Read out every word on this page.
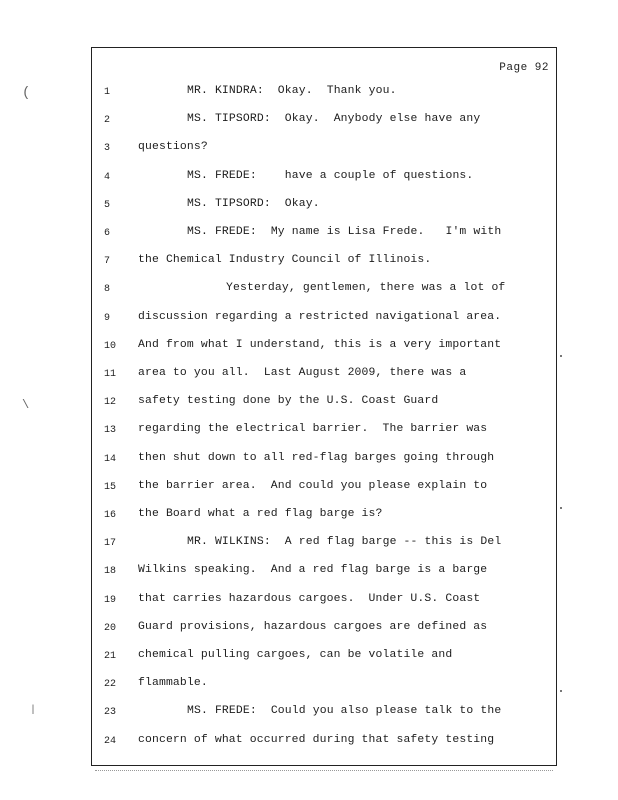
(
\
|
Page 92
1	MR. KINDRA:  Okay.  Thank you.
2	MS. TIPSORD:  Okay.  Anybody else have any
3	questions?
4	MS. FREDE:    have a couple of questions.
5	MS. TIPSORD:  Okay.
6	MS. FREDE:  My name is Lisa Frede.   I'm with
7	the Chemical Industry Council of Illinois.
8	Yesterday, gentlemen, there was a lot of
9	discussion regarding a restricted navigational area.
10	And from what I understand, this is a very important
11	area to you all.  Last August 2009, there was a
12	safety testing done by the U.S. Coast Guard
13	regarding the electrical barrier.  The barrier was
14	then shut down to all red-flag barges going through
15	the barrier area.  And could you please explain to
16	the Board what a red flag barge is?
17	MR. WILKINS:  A red flag barge -- this is Del
18	Wilkins speaking.  And a red flag barge is a barge
19	that carries hazardous cargoes.  Under U.S. Coast
20	Guard provisions, hazardous cargoes are defined as
21	chemical pulling cargoes, can be volatile and
22	flammable.
23	MS. FREDE:  Could you also please talk to the
24	concern of what occurred during that safety testing
